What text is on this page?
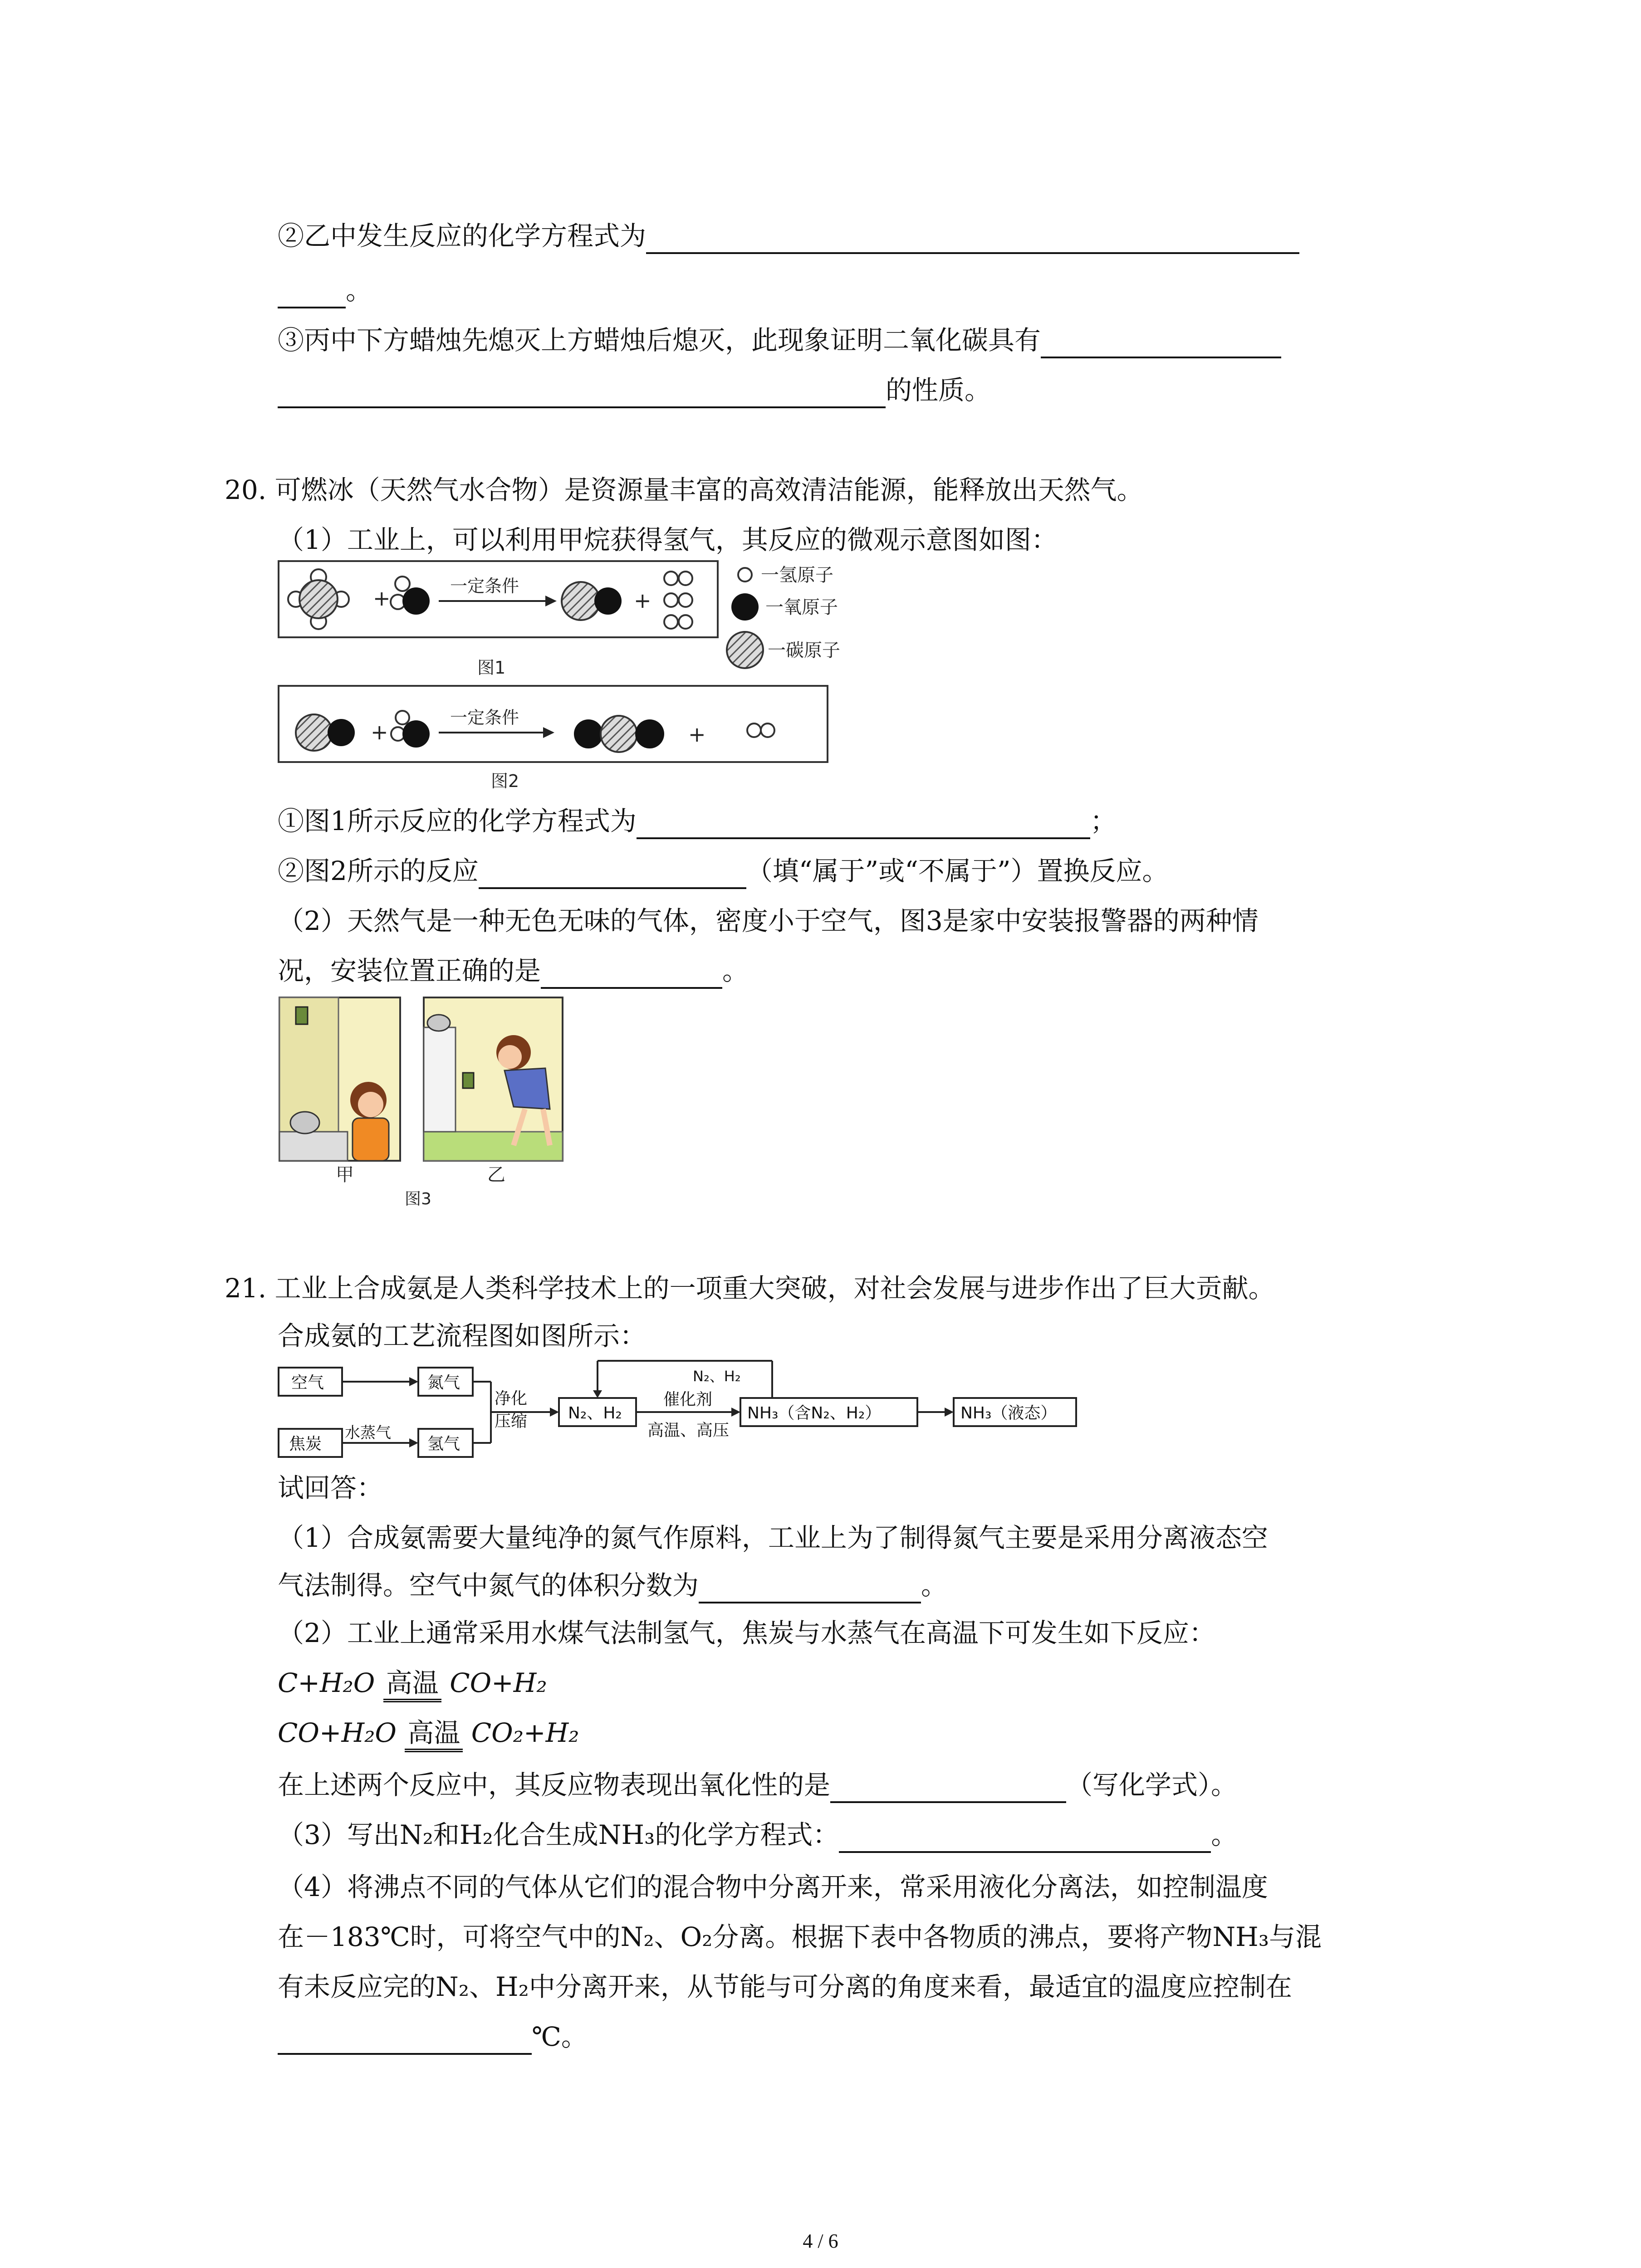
②乙中发生反应的化学方程式为
。
③丙中下方蜡烛先熄灭上方蜡烛后熄灭，此现象证明二氧化碳具有
的性质。
20. 可燃冰（天然气水合物）是资源量丰富的高效清洁能源，能释放出天然气。
（1）工业上，可以利用甲烷获得氢气，其反应的微观示意图如图：
+	一定条件
+
一氢原子
一氧原子
一碳原子
图1
+
一定条件
+
图2
①图1所示反应的化学方程式为	；
②图2所示的反应	（填“属于”或“不属于”）置换反应。
（2）天然气是一种无色无味的气体，密度小于空气，图3是家中安装报警器的两种情
况，安装位置正确的是	。
甲	乙
图3
21. 工业上合成氨是人类科学技术上的一项重大突破，对社会发展与进步作出了巨大贡献。
合成氨的工艺流程图如图所示：
空气	氮气
焦炭
水蒸气
氢气
净化
压缩 N₂、H₂
N₂、H₂
催化剂
高温、高压
NH₃（含N₂、H₂）	NH₃（液态）
试回答：
（1）合成氨需要大量纯净的氮气作原料，工业上为了制得氮气主要是采用分离液态空
气法制得。空气中氮气的体积分数为	。
（2）工业上通常采用水煤气法制氢气，焦炭与水蒸气在高温下可发生如下反应：
C+H₂O 高温 CO+H₂
CO+H₂O 高温 CO₂+H₂
在上述两个反应中，其反应物表现出氧化性的是	（写化学式）。
（3）写出N₂和H₂化合生成NH₃的化学方程式：	。
（4）将沸点不同的气体从它们的混合物中分离开来，常采用液化分离法，如控制温度
在－183℃时，可将空气中的N₂、O₂分离。根据下表中各物质的沸点，要将产物NH₃与混
有未反应完的N₂、H₂中分离开来，从节能与可分离的角度来看，最适宜的温度应控制在
℃。
4 / 6
